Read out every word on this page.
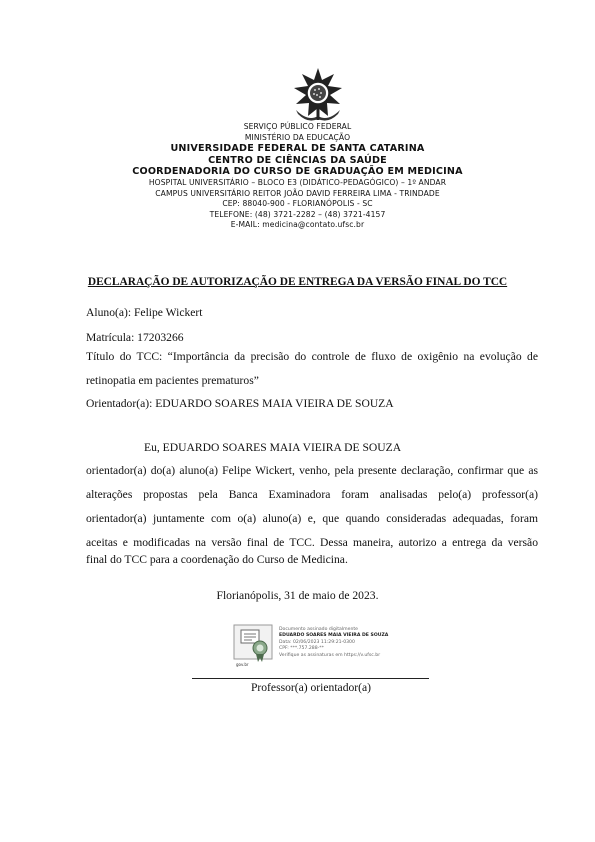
SERVIÇO PÚBLICO FEDERAL
MINISTÉRIO DA EDUCAÇÃO
UNIVERSIDADE FEDERAL DE SANTA CATARINA
CENTRO DE CIÊNCIAS DA SAÚDE
COORDENADORIA DO CURSO DE GRADUAÇÃO EM MEDICINA
HOSPITAL UNIVERSITÁRIO – BLOCO E3 (DIDÁTICO-PEDAGÓGICO) – 1º ANDAR
CAMPUS UNIVERSITÁRIO REITOR JOÃO DAVID FERREIRA LIMA - TRINDADE
CEP: 88040-900 - FLORIANÓPOLIS - SC
TELEFONE: (48) 3721-2282 – (48) 3721-4157
E-MAIL: medicina@contato.ufsc.br
DECLARAÇÃO DE AUTORIZAÇÃO DE ENTREGA DA VERSÃO FINAL DO TCC
Aluno(a): Felipe Wickert
Matrícula: 17203266
Título do TCC: “Importância da precisão do controle de fluxo de oxigênio na evolução de
retinopatia em pacientes prematuros”
Orientador(a): EDUARDO SOARES MAIA VIEIRA DE SOUZA
Eu, EDUARDO SOARES MAIA VIEIRA DE SOUZA
orientador(a) do(a) aluno(a) Felipe Wickert, venho, pela presente declaração, confirmar que as
alterações propostas pela Banca Examinadora foram analisadas pelo(a) professor(a)
orientador(a) juntamente com o(a) aluno(a) e, que quando consideradas adequadas, foram
aceitas e modificadas na versão final de TCC. Dessa maneira, autorizo a entrega da versão
final do TCC para a coordenação do Curso de Medicina.
Florianópolis, 31 de maio de 2023.
gov.br
Documento assinado digitalmente
EDUARDO SOARES MAIA VIEIRA DE SOUZA
Data: 02/06/2023 11:29:21-0300
CPF: ***.757.288-**
Verifique as assinaturas em https://v.ufsc.br
Professor(a) orientador(a)
